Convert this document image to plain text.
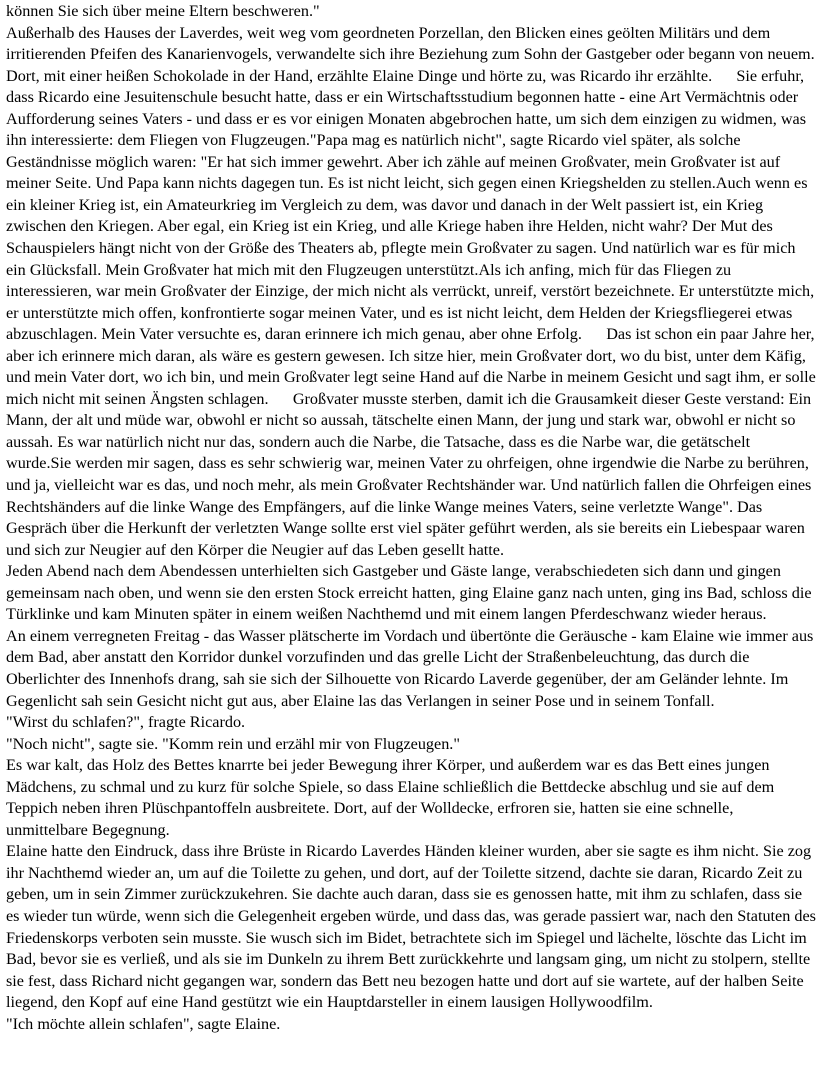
können Sie sich über meine Eltern beschweren."

Außerhalb des Hauses der Laverdes, weit weg vom geordneten Porzellan, den Blicken eines geölten Militärs und dem irritierenden Pfeifen des Kanarienvogels, verwandelte sich ihre Beziehung zum Sohn der Gastgeber oder begann von neuem. Dort, mit einer heißen Schokolade in der Hand, erzählte Elaine Dinge und hörte zu, was Ricardo ihr erzählte.      Sie erfuhr, dass Ricardo eine Jesuitenschule besucht hatte, dass er ein Wirtschaftsstudium begonnen hatte - eine Art Vermächtnis oder Aufforderung seines Vaters - und dass er es vor einigen Monaten abgebrochen hatte, um sich dem einzigen zu widmen, was ihn interessierte: dem Fliegen von Flugzeugen."Papa mag es natürlich nicht", sagte Ricardo viel später, als solche Geständnisse möglich waren: "Er hat sich immer gewehrt. Aber ich zähle auf meinen Großvater, mein Großvater ist auf meiner Seite. Und Papa kann nichts dagegen tun. Es ist nicht leicht, sich gegen einen Kriegshelden zu stellen.Auch wenn es ein kleiner Krieg ist, ein Amateurkrieg im Vergleich zu dem, was davor und danach in der Welt passiert ist, ein Krieg zwischen den Kriegen. Aber egal, ein Krieg ist ein Krieg, und alle Kriege haben ihre Helden, nicht wahr? Der Mut des Schauspielers hängt nicht von der Größe des Theaters ab, pflegte mein Großvater zu sagen. Und natürlich war es für mich ein Glücksfall. Mein Großvater hat mich mit den Flugzeugen unterstützt.Als ich anfing, mich für das Fliegen zu interessieren, war mein Großvater der Einzige, der mich nicht als verrückt, unreif, verstört bezeichnete. Er unterstützte mich, er unterstützte mich offen, konfrontierte sogar meinen Vater, und es ist nicht leicht, dem Helden der Kriegsfliegerei etwas abzuschlagen. Mein Vater versuchte es, daran erinnere ich mich genau, aber ohne Erfolg.      Das ist schon ein paar Jahre her, aber ich erinnere mich daran, als wäre es gestern gewesen. Ich sitze hier, mein Großvater dort, wo du bist, unter dem Käfig, und mein Vater dort, wo ich bin, und mein Großvater legt seine Hand auf die Narbe in meinem Gesicht und sagt ihm, er solle mich nicht mit seinen Ängsten schlagen.      Großvater musste sterben, damit ich die Grausamkeit dieser Geste verstand: Ein Mann, der alt und müde war, obwohl er nicht so aussah, tätschelte einen Mann, der jung und stark war, obwohl er nicht so aussah. Es war natürlich nicht nur das, sondern auch die Narbe, die Tatsache, dass es die Narbe war, die getätschelt wurde.Sie werden mir sagen, dass es sehr schwierig war, meinen Vater zu ohrfeigen, ohne irgendwie die Narbe zu berühren, und ja, vielleicht war es das, und noch mehr, als mein Großvater Rechtshänder war. Und natürlich fallen die Ohrfeigen eines Rechtshänders auf die linke Wange des Empfängers, auf die linke Wange meines Vaters, seine verletzte Wange". Das Gespräch über die Herkunft der verletzten Wange sollte erst viel später geführt werden, als sie bereits ein Liebespaar waren und sich zur Neugier auf den Körper die Neugier auf das Leben gesellt hatte.

Jeden Abend nach dem Abendessen unterhielten sich Gastgeber und Gäste lange, verabschiedeten sich dann und gingen gemeinsam nach oben, und wenn sie den ersten Stock erreicht hatten, ging Elaine ganz nach unten, ging ins Bad, schloss die Türklinke und kam Minuten später in einem weißen Nachthemd und mit einem langen Pferdeschwanz wieder heraus.

An einem verregneten Freitag - das Wasser plätscherte im Vordach und übertönte die Geräusche - kam Elaine wie immer aus dem Bad, aber anstatt den Korridor dunkel vorzufinden und das grelle Licht der Straßenbeleuchtung, das durch die Oberlichter des Innenhofs drang, sah sie sich der Silhouette von Ricardo Laverde gegenüber, der am Geländer lehnte. Im Gegenlicht sah sein Gesicht nicht gut aus, aber Elaine las das Verlangen in seiner Pose und in seinem Tonfall.

"Wirst du schlafen?", fragte Ricardo.

"Noch nicht", sagte sie. "Komm rein und erzähl mir von Flugzeugen."

Es war kalt, das Holz des Bettes knarrte bei jeder Bewegung ihrer Körper, und außerdem war es das Bett eines jungen Mädchens, zu schmal und zu kurz für solche Spiele, so dass Elaine schließlich die Bettdecke abschlug und sie auf dem Teppich neben ihren Plüschpantoffeln ausbreitete. Dort, auf der Wolldecke, erfroren sie, hatten sie eine schnelle, unmittelbare Begegnung.

Elaine hatte den Eindruck, dass ihre Brüste in Ricardo Laverdes Händen kleiner wurden, aber sie sagte es ihm nicht. Sie zog ihr Nachthemd wieder an, um auf die Toilette zu gehen, und dort, auf der Toilette sitzend, dachte sie daran, Ricardo Zeit zu geben, um in sein Zimmer zurückzukehren. Sie dachte auch daran, dass sie es genossen hatte, mit ihm zu schlafen, dass sie es wieder tun würde, wenn sich die Gelegenheit ergeben würde, und dass das, was gerade passiert war, nach den Statuten des Friedenskorps verboten sein musste. Sie wusch sich im Bidet, betrachtete sich im Spiegel und lächelte, löschte das Licht im Bad, bevor sie es verließ, und als sie im Dunkeln zu ihrem Bett zurückkehrte und langsam ging, um nicht zu stolpern, stellte sie fest, dass Richard nicht gegangen war, sondern das Bett neu bezogen hatte und dort auf sie wartete, auf der halben Seite liegend, den Kopf auf eine Hand gestützt wie ein Hauptdarsteller in einem lausigen Hollywoodfilm.

"Ich möchte allein schlafen", sagte Elaine.
